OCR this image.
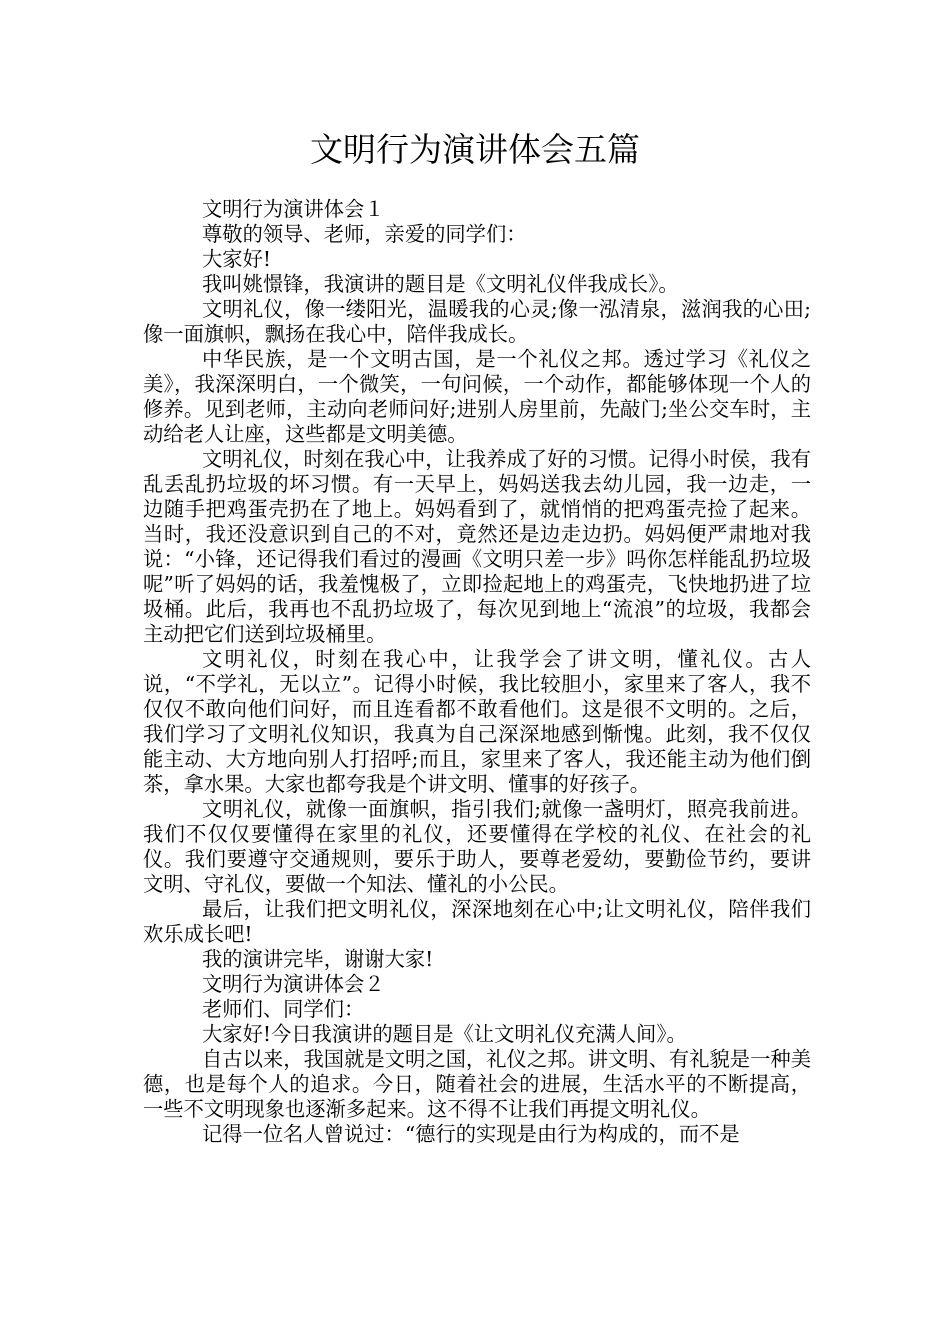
文明行为演讲体会五篇

文明行为演讲体会１

尊敬的领导、老师，亲爱的同学们：

大家好!

我叫姚憬锋，我演讲的题目是《文明礼仪伴我成长》。

文明礼仪，像一缕阳光，温暖我的心灵;像一泓清泉，滋润我的心田;像一面旗帜，飘扬在我心中，陪伴我成长。

中华民族，是一个文明古国，是一个礼仪之邦。透过学习《礼仪之美》，我深深明白，一个微笑，一句问候，一个动作，都能够体现一个人的修养。见到老师，主动向老师问好;进别人房里前，先敲门;坐公交车时，主动给老人让座，这些都是文明美德。

文明礼仪，时刻在我心中，让我养成了好的习惯。记得小时侯，我有乱丢乱扔垃圾的坏习惯。有一天早上，妈妈送我去幼儿园，我一边走，一边随手把鸡蛋壳扔在了地上。妈妈看到了，就悄悄的把鸡蛋壳捡了起来。当时，我还没意识到自己的不对，竟然还是边走边扔。妈妈便严肃地对我说：“小锋，还记得我们看过的漫画《文明只差一步》吗你怎样能乱扔垃圾呢”听了妈妈的话，我羞愧极了，立即捡起地上的鸡蛋壳，飞快地扔进了垃圾桶。此后，我再也不乱扔垃圾了，每次见到地上“流浪”的垃圾，我都会主动把它们送到垃圾桶里。

文明礼仪，时刻在我心中，让我学会了讲文明，懂礼仪。古人说，“不学礼，无以立”。记得小时候，我比较胆小，家里来了客人，我不仅仅不敢向他们问好，而且连看都不敢看他们。这是很不文明的。之后，我们学习了文明礼仪知识，我真为自己深深地感到惭愧。此刻，我不仅仅能主动、大方地向别人打招呼;而且，家里来了客人，我还能主动为他们倒茶，拿水果。大家也都夸我是个讲文明、懂事的好孩子。

文明礼仪，就像一面旗帜，指引我们;就像一盏明灯，照亮我前进。我们不仅仅要懂得在家里的礼仪，还要懂得在学校的礼仪、在社会的礼仪。我们要遵守交通规则，要乐于助人，要尊老爱幼，要勤俭节约，要讲文明、守礼仪，要做一个知法、懂礼的小公民。

最后，让我们把文明礼仪，深深地刻在心中;让文明礼仪，陪伴我们欢乐成长吧!

我的演讲完毕，谢谢大家!

文明行为演讲体会２

老师们、同学们：

大家好!今日我演讲的题目是《让文明礼仪充满人间》。

自古以来，我国就是文明之国，礼仪之邦。讲文明、有礼貌是一种美德，也是每个人的追求。今日，随着社会的进展，生活水平的不断提高，一些不文明现象也逐渐多起来。这不得不让我们再提文明礼仪。

记得一位名人曾说过：“德行的实现是由行为构成的，而不是
